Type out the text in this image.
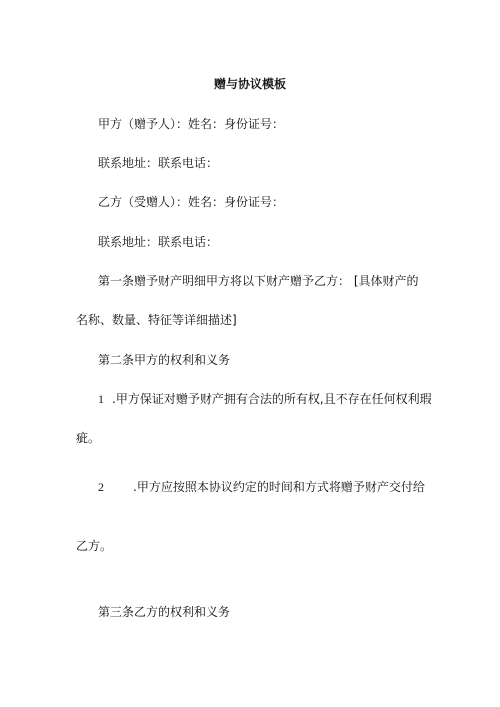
赠与协议模板
甲方（赠予人）：姓名：身份证号：
联系地址：联系电话：
乙方（受赠人）：姓名：身份证号：
联系地址：联系电话：
第一条赠予财产明细甲方将以下财产赠予乙方： [具体财产的
名称、数量、特征等详细描述]
第二条甲方的权利和义务
1 .甲方保证对赠予财产拥有合法的所有权,且不存在任何权利瑕
疵。
2 .甲方应按照本协议约定的时间和方式将赠予财产交付给
乙方。
第三条乙方的权利和义务
